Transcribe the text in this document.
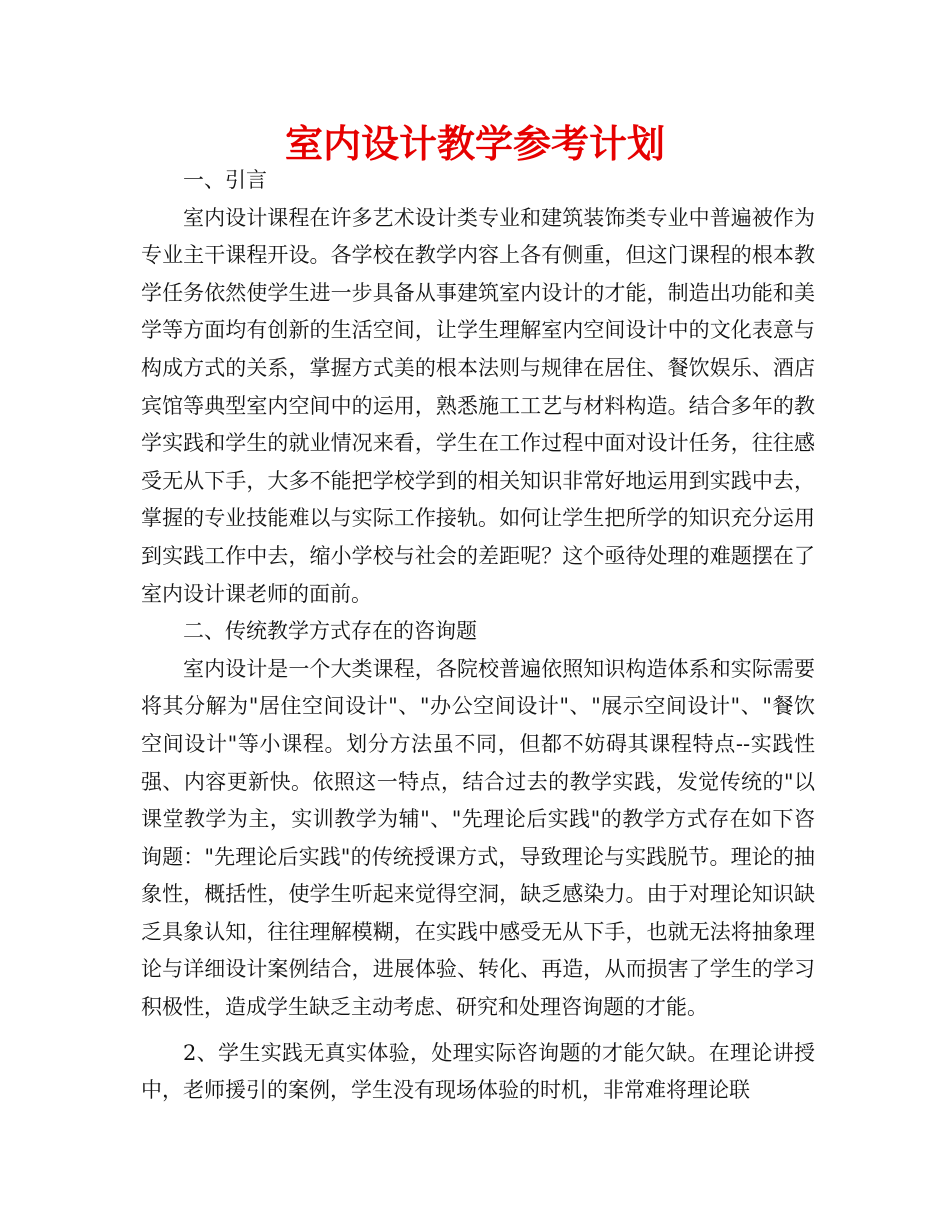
室内设计教学参考计划

一、引言

室内设计课程在许多艺术设计类专业和建筑装饰类专业中普遍被作为专业主干课程开设。各学校在教学内容上各有侧重，但这门课程的根本教学任务依然使学生进一步具备从事建筑室内设计的才能，制造出功能和美学等方面均有创新的生活空间，让学生理解室内空间设计中的文化表意与构成方式的关系，掌握方式美的根本法则与规律在居住、餐饮娱乐、酒店宾馆等典型室内空间中的运用，熟悉施工工艺与材料构造。结合多年的教学实践和学生的就业情况来看，学生在工作过程中面对设计任务，往往感受无从下手，大多不能把学校学到的相关知识非常好地运用到实践中去，掌握的专业技能难以与实际工作接轨。如何让学生把所学的知识充分运用到实践工作中去，缩小学校与社会的差距呢？这个亟待处理的难题摆在了室内设计课老师的面前。

二、传统教学方式存在的咨询题

室内设计是一个大类课程，各院校普遍依照知识构造体系和实际需要将其分解为"居住空间设计"、"办公空间设计"、"展示空间设计"、"餐饮空间设计"等小课程。划分方法虽不同，但都不妨碍其课程特点--实践性强、内容更新快。依照这一特点，结合过去的教学实践，发觉传统的"以课堂教学为主，实训教学为辅"、"先理论后实践"的教学方式存在如下咨询题："先理论后实践"的传统授课方式，导致理论与实践脱节。理论的抽象性，概括性，使学生听起来觉得空洞，缺乏感染力。由于对理论知识缺乏具象认知，往往理解模糊，在实践中感受无从下手，也就无法将抽象理论与详细设计案例结合，进展体验、转化、再造，从而损害了学生的学习积极性，造成学生缺乏主动考虑、研究和处理咨询题的才能。

2、学生实践无真实体验，处理实际咨询题的才能欠缺。在理论讲授中，老师援引的案例，学生没有现场体验的时机，非常难将理论联
